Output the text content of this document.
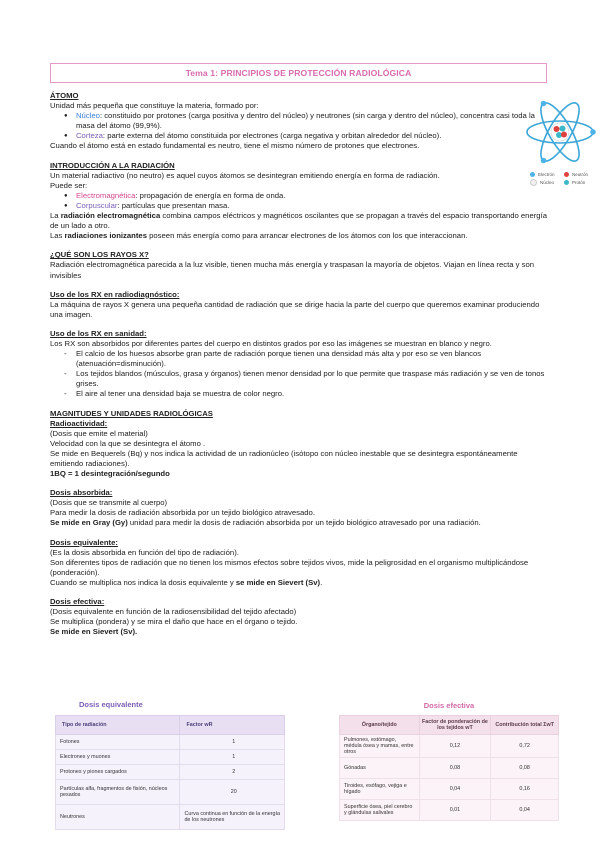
Tema 1: PRINCIPIOS DE PROTECCIÓN RADIOLÓGICA
Electrón	Neutrón
Núcleo	Protón

ÁTOMO

Unidad más pequeña que constituye la materia, formado por:

● Núcleo: constituido por protones (carga positiva y dentro del núcleo) y neutrones (sin carga y dentro del núcleo), concentra casi toda la masa del átomo (99,9%).
● Corteza: parte externa del átomo constituida por electrones (carga negativa y orbitan alrededor del núcleo).

Cuando el átomo está en estado fundamental es neutro, tiene el mismo número de protones que electrones.

INTRODUCCIÓN A LA RADIACIÓN

Un material radiactivo (no neutro) es aquel cuyos átomos se desintegran emitiendo energía en forma de radiación.

Puede ser:

● Electromagnética: propagación de energía en forma de onda.
● Corpuscular: partículas que presentan masa.

La radiación electromagnética combina campos eléctricos y magnéticos oscilantes que se propagan a través del espacio transportando energía de un lado a otro.

Las radiaciones ionizantes poseen más energía como para arrancar electrones de los átomos con los que interaccionan.

¿QUÉ SON LOS RAYOS X?

Radiación electromagnética parecida a la luz visible, tienen mucha más energía y traspasan la mayoría de objetos. Viajan en línea recta y son invisibles

Uso de los RX en radiodiagnóstico:

La máquina de rayos X genera una pequeña cantidad de radiación que se dirige hacia la parte del cuerpo que queremos examinar produciendo una imagen.

Uso de los RX en sanidad:

Los RX son absorbidos por diferentes partes del cuerpo en distintos grados por eso las imágenes se muestran en blanco y negro.

- El calcio de los huesos absorbe gran parte de radiación porque tienen una densidad más alta y por eso se ven blancos (atenuación=disminución).
- Los tejidos blandos (músculos, grasa y órganos) tienen menor densidad por lo que permite que traspase más radiación y se ven de tonos grises.
- El aire al tener una densidad baja se muestra de color negro.

MAGNITUDES Y UNIDADES RADIOLÓGICAS

Radioactividad:

(Dosis que emite el material)

Velocidad con la que se desintegra el átomo .

Se mide en Bequerels (Bq) y nos indica la actividad de un radionúcleo (isótopo con núcleo inestable que se desintegra espontáneamente emitiendo radiaciones).

1BQ = 1 desintegración/segundo

Dosis absorbida:

(Dosis que se transmite al cuerpo)

Para medir la dosis de radiación absorbida por un tejido biológico atravesado.

Se mide en Gray (Gy) unidad para medir la dosis de radiación absorbida por un tejido biológico atravesado por una radiación.

Dosis equivalente:

(Es la dosis absorbida en función del tipo de radiación).

Son diferentes tipos de radiación que no tienen los mismos efectos sobre tejidos vivos, mide la peligrosidad en el organismo multiplicándose (ponderación).

Cuando se multiplica nos indica la dosis equivalente y se mide en Sievert (Sv).

Dosis efectiva:

(Dosis equivalente en función de la radiosensibilidad del tejido afectado)

Se multiplica (pondera) y se mira el daño que hace en el órgano o tejido.

Se mide en Sievert (Sv).

Dosis equivalente
Tipo de radiación	Factor wR
Fotones	1
Electrones y muones	1
Protones y piones cargados	2
Partículas alfa, fragmentos de fisión, núcleos pesados	20
Neutrones	Curva continua en función de la energía de los neutrones
Dosis efectiva
Órgano/tejido	Factor de ponderación de los tejidos wT	Contribución total ΣwT
Pulmones, estómago, médula ósea y mamas, entre otros	0,12	0,72
Gónadas	0,08	0,08
Tiroides, esófago, vejiga e hígado	0,04	0,16
Superficie ósea, piel cerebro y glándulas salivales	0,01	0,04
